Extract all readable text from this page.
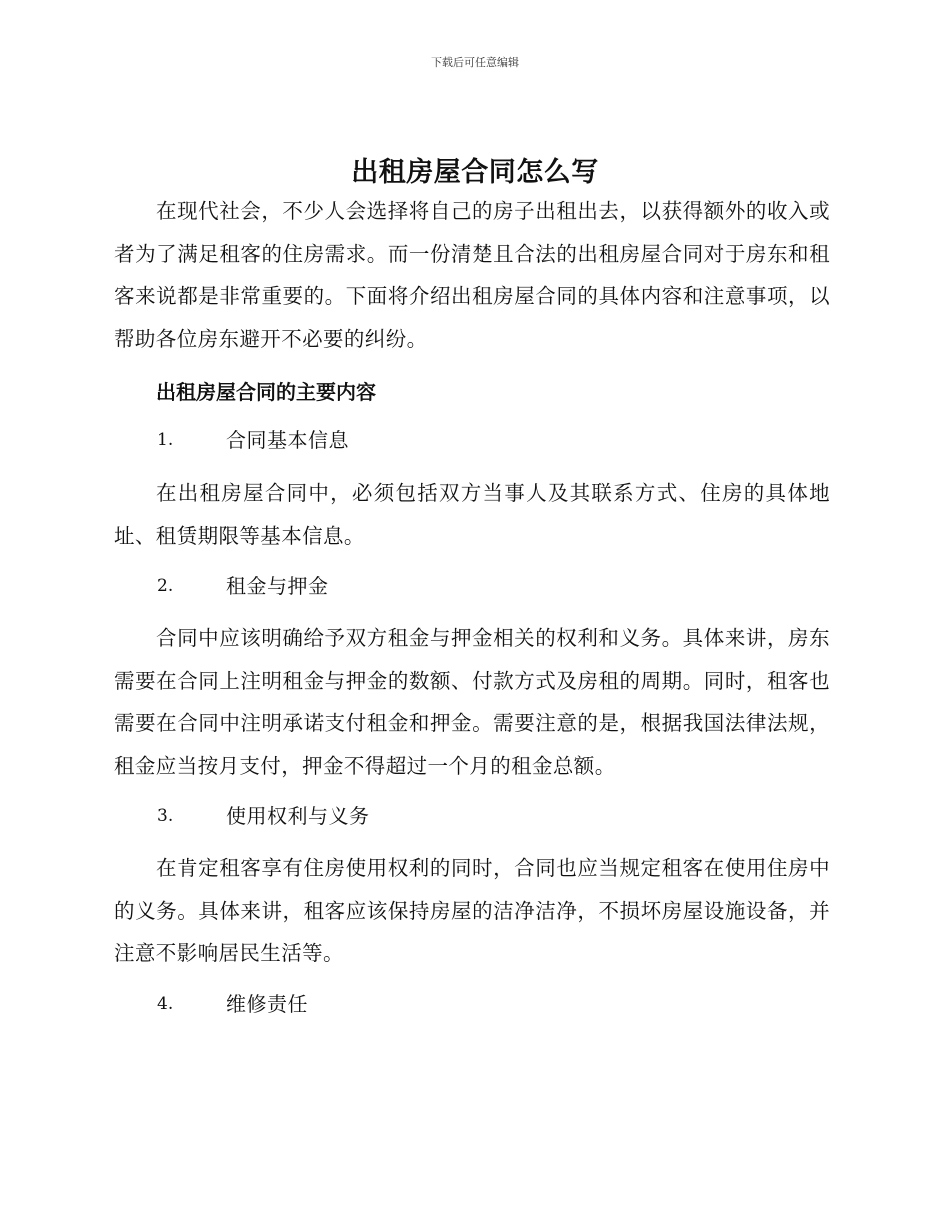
下载后可任意编辑
出租房屋合同怎么写

在现代社会，不少人会选择将自己的房子出租出去，以获得额外的收入或者为了满足租客的住房需求。而一份清楚且合法的出租房屋合同对于房东和租客来说都是非常重要的。下面将介绍出租房屋合同的具体内容和注意事项，以帮助各位房东避开不必要的纠纷。

出租房屋合同的主要内容
1.	合同基本信息

在出租房屋合同中，必须包括双方当事人及其联系方式、住房的具体地址、租赁期限等基本信息。

2.	租金与押金

合同中应该明确给予双方租金与押金相关的权利和义务。具体来讲，房东需要在合同上注明租金与押金的数额、付款方式及房租的周期。同时，租客也需要在合同中注明承诺支付租金和押金。需要注意的是，根据我国法律法规，租金应当按月支付，押金不得超过一个月的租金总额。

3.	使用权利与义务

在肯定租客享有住房使用权利的同时，合同也应当规定租客在使用住房中的义务。具体来讲，租客应该保持房屋的洁净洁净，不损坏房屋设施设备，并注意不影响居民生活等。

4.	维修责任
